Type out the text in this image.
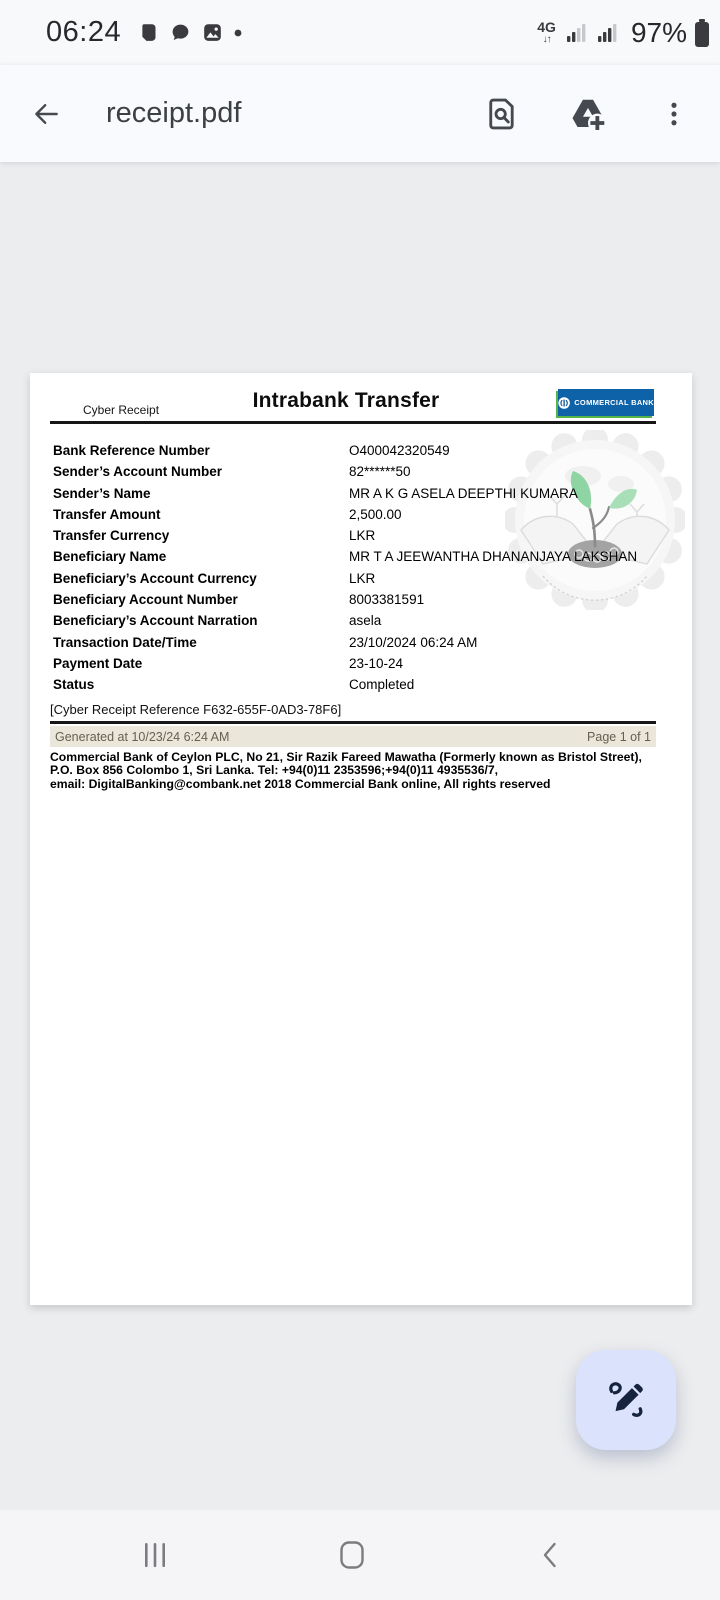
06:24	4G
↓↑	97%
receipt.pdf
Cyber Receipt	Intrabank Transfer	COMMERCIAL BANK
Bank Reference Number	O400042320549
Sender’s Account Number	82******50
Sender’s Name	MR A K G ASELA DEEPTHI KUMARA
Transfer Amount	2,500.00
Transfer Currency	LKR
Beneficiary Name	MR T A JEEWANTHA DHANANJAYA LAKSHAN
Beneficiary’s Account Currency	LKR
Beneficiary Account Number	8003381591
Beneficiary’s Account Narration	asela
Transaction Date/Time	23/10/2024 06:24 AM
Payment Date	23-10-24
Status	Completed
[Cyber Receipt Reference F632-655F-0AD3-78F6]
Generated at 10/23/24 6:24 AM	Page 1 of 1
Commercial Bank of Ceylon PLC, No 21, Sir Razik Fareed Mawatha (Formerly known as Bristol Street),
P.O. Box 856 Colombo 1, Sri Lanka. Tel: +94(0)11 2353596;+94(0)11 4935536/7,
email: DigitalBanking@combank.net 2018 Commercial Bank online, All rights reserved
